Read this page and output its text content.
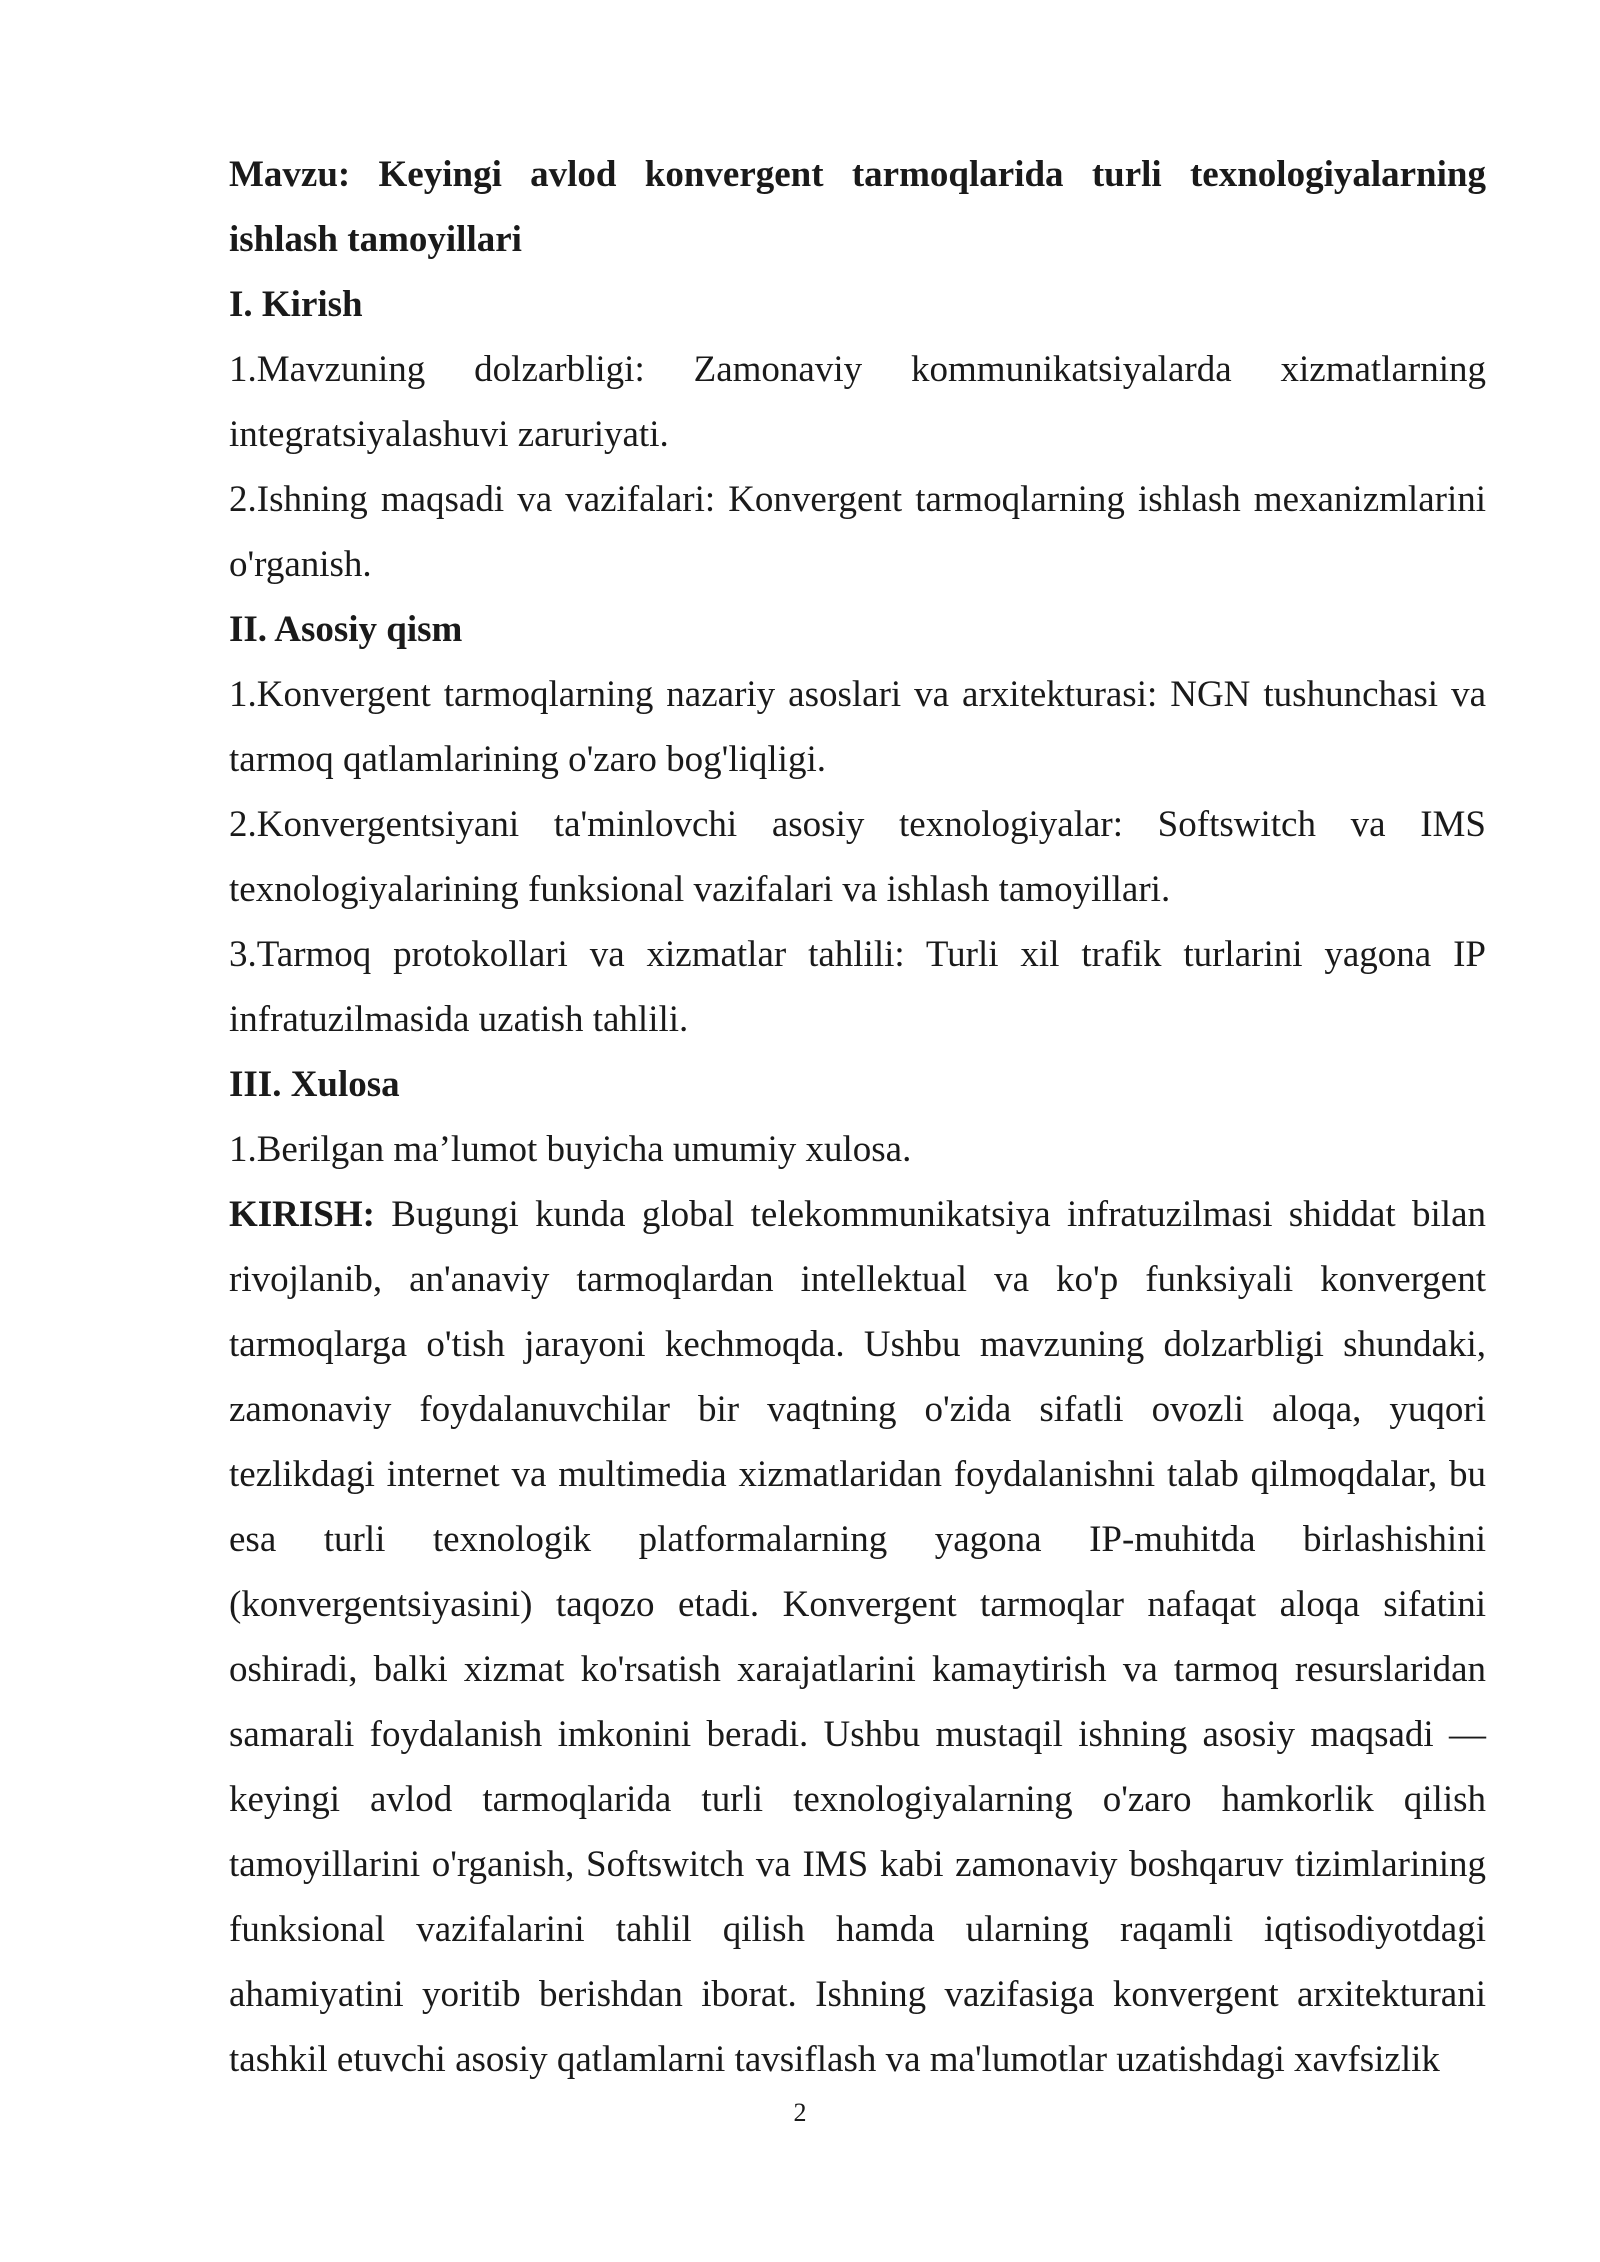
Mavzu: Keyingi avlod konvergent tarmoqlarida turli texnologiyalarning ishlash tamoyillari

I. Kirish

1.Mavzuning dolzarbligi: Zamonaviy kommunikatsiyalarda xizmatlarning integratsiyalashuvi zaruriyati.

2.Ishning maqsadi va vazifalari: Konvergent tarmoqlarning ishlash mexanizmlarini o'rganish.

II. Asosiy qism

1.Konvergent tarmoqlarning nazariy asoslari va arxitekturasi: NGN tushunchasi va tarmoq qatlamlarining o'zaro bog'liqligi.

2.Konvergentsiyani ta'minlovchi asosiy texnologiyalar: Softswitch va IMS texnologiyalarining funksional vazifalari va ishlash tamoyillari.

3.Tarmoq protokollari va xizmatlar tahlili: Turli xil trafik turlarini yagona IP infratuzilmasida uzatish tahlili.

III. Xulosa

1.Berilgan ma’lumot buyicha umumiy xulosa.

KIRISH: Bugungi kunda global telekommunikatsiya infratuzilmasi shiddat bilan rivojlanib, an'anaviy tarmoqlardan intellektual va ko'p funksiyali konvergent tarmoqlarga o'tish jarayoni kechmoqda. Ushbu mavzuning dolzarbligi shundaki, zamonaviy foydalanuvchilar bir vaqtning o'zida sifatli ovozli aloqa, yuqori tezlikdagi internet va multimedia xizmatlaridan foydalanishni talab qilmoqdalar, bu esa turli texnologik platformalarning yagona IP-muhitda birlashishini (konvergentsiyasini) taqozo etadi. Konvergent tarmoqlar nafaqat aloqa sifatini oshiradi, balki xizmat ko'rsatish xarajatlarini kamaytirish va tarmoq resurslaridan samarali foydalanish imkonini beradi. Ushbu mustaqil ishning asosiy maqsadi — keyingi avlod tarmoqlarida turli texnologiyalarning o'zaro hamkorlik qilish tamoyillarini o'rganish, Softswitch va IMS kabi zamonaviy boshqaruv tizimlarining funksional vazifalarini tahlil qilish hamda ularning raqamli iqtisodiyotdagi ahamiyatini yoritib berishdan iborat. Ishning vazifasiga konvergent arxitekturani tashkil etuvchi asosiy qatlamlarni tavsiflash va ma'lumotlar uzatishdagi xavfsizlik

2
